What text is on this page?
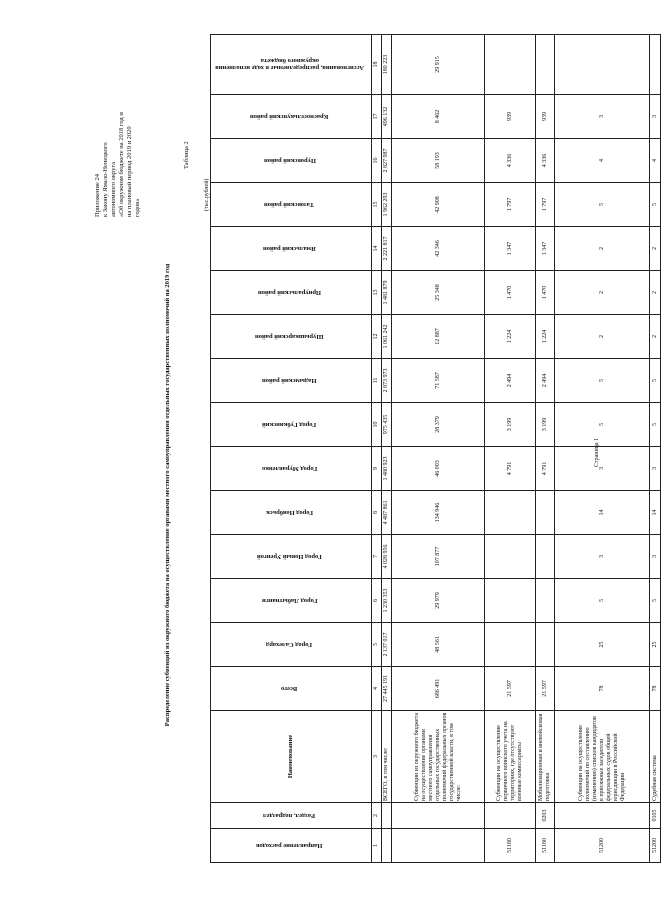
Страница 1
Приложение 24 к Закону Ямало-Ненецкого автономного округа «Об окружном бюджете на 2018 год и на плановый период 2019 и 2020 годов»
Таблица 2
Распределение субвенций из окружного бюджета на осуществление органами местного самоуправления отдельных государственных полномочий на 2019 год
(тыс.рублей)
Направление расходов	Раздел, подраздел	Наименование	Всего	Город Салехард	Город Лабытнанги	Город Новый Уренгой	Город Ноябрьск	Город Муравленко	Город Губкинский	Надымский район	Шурышкарский район	Приуральский район	Ямальский район	Тазовский район	Пуровский район	Красноселькупский район	Ассигнования, распределяемые в ходе исполнения окружного бюджета
1	2	3	4	5	6	7	8	9	10	11	12	13	14	15	16	17	18
		ВСЕГО, в том числе:	27 445 191	2 137 017	1 230 353	4 028 956	4 487 861	1 480 923	975 435	2 873 973	1 061 242	1 481 879	2 221 817	1 962 293	2 827 987	496 132	180 223
		Субвенции из окружного бюджета на осуществление органами местного самоуправления отдельных государственных полномочий федеральных органов государственной власти, в том числе:	686 491	48 561	29 979	107 877	134 946	46 003	28 379	71 587	12 887	25 348	42 346	42 908	58 193	8 462	29 915
51180		Субвенции на осуществление первичного воинского учета на территориях, где отсутствуют военные комиссариаты	21 597					4 791	3 199	2 494	1 224	1 470	1 347	1 797	4 336	939	
51180	0203	Мобилизационная и вневойсковая подготовка	21 597					4 791	3 199	2 494	1 224	1 470	1 347	1 797	4 336	939	
51200		Субвенции на осуществление полномочий по составлению (изменению) списков кандидатов в присяжные заседатели федеральных судов общей юрисдикции в Российской Федерации	78	25	5	3	14	3	5	5	2	2	2	5	4	3	
51200	0105	Судебная система	78	25	5	3	14	3	5	5	2	2	2	5	4	3	
